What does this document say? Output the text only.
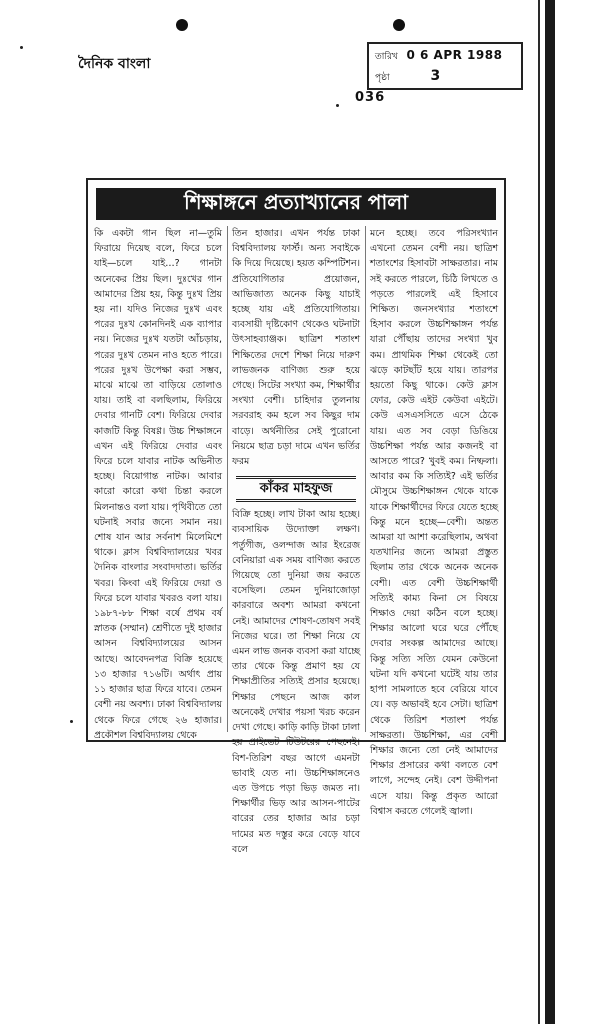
দৈনিক বাংলা	তারিখ 0 6 APR 1988
পৃষ্ঠা	3
036
শিক্ষাঙ্গনে প্রত্যাখ্যানের পালা

কি একটা গান ছিল না—তুমি ফিরায়ে দিয়েছ বলে, ফিরে চলে যাই—চলে যাই…? গানটা অনেকের প্রিয় ছিল। দুঃখের গান আমাদের প্রিয় হয়, কিন্তু দুঃখ প্রিয় হয় না। যদিও নিজের দুঃখ এবং পরের দুঃখ কোনদিনই এক ব্যাপার নয়। নিজের দুঃখ যতটা আঁচড়ায়, পরের দুঃখ তেমন নাও হতে পারে। পরের দুঃখ উপেক্ষা করা সম্ভব, মাঝে মাঝে তা বাড়িয়ে তোলাও যায়। তাই বা বলছিলাম, ফিরিয়ে দেবার গানটি বেশ। ফিরিয়ে দেবার কাজটি কিন্তু বিষণ্ণ। উচ্চ শিক্ষাঙ্গনে এখন এই ফিরিয়ে দেবার এবং ফিরে চলে যাবার নাটক অভিনীত হচ্ছে। বিয়োগান্ত নাটক। আবার কারো কারো কথা চিন্তা করলে মিলনান্তও বলা যায়। পৃথিবীতে তো ঘটনাই সবার জন্যে সমান নয়। শোষ যান আর সর্বনাশ মিলেমিশে থাকে। ক্লাস বিশ্ববিদ্যালয়ের খবর দৈনিক বাংলার সংবাদদাতা। ভর্তির খবর। কিংবা এই ফিরিয়ে দেয়া ও ফিরে চলে যাবার খবরও বলা যায়। ১৯৮৭-৮৮ শিক্ষা বর্ষে প্রথম বর্ষ স্নাতক (সম্মান) শ্রেণীতে দুই হাজার আসন বিশ্ববিদ্যালয়ের আসন আছে। আবেদনপত্র বিক্রি হয়েছে ১৩ হাজার ৭১৬টি। অর্থাৎ প্রায় ১১ হাজার ছাত্র ফিরে যাবে। তেমন বেশী নয় অবশ্য। ঢাকা বিশ্ববিদ্যালয় থেকে ফিরে গেছে ২৬ হাজার। প্রকৌশল বিশ্ববিদ্যালয় থেকে

তিন হাজার। এখন পর্যন্ত ঢাকা বিশ্ববিদ্যালয় ফার্স্ট। অন্য সবাইকে কি দিয়ে দিয়েছে। হয়ত কম্পিটিশন। প্রতিযোগিতার প্রয়োজন, আভিজাত্য অনেক কিছু যাচাই হচ্ছে যায় এই প্রতিযোগিতায়। ব্যবসায়ী দৃষ্টিকোণ থেকেও ঘটনাটা উৎসাহব্যাঞ্জক। ছাত্রিশ শতাংশ শিক্ষিতের দেশে শিক্ষা নিয়ে দারুণ লাভজনক বাণিজ্য শুরু হয়ে গেছে। সিটের সংখ্যা কম, শিক্ষার্থীর সংখ্যা বেশী। চাহিদার তুলনায় সরবরাহ কম হলে সব কিছুর দাম বাড়ে। অর্থনীতির সেই পুরোনো নিয়মে ছাত্র চড়া দামে এখন ভর্তির ফরম

কাঁকর মাহফুজ

বিক্রি হচ্ছে। লাখ টাকা আয় হচ্ছে। ব্যবসায়িক উদ্যোক্তা লক্ষণ। পর্তুগীজ, ওলন্দাজ আর ইংরেজ বেনিয়ারা এক সময় বাণিজ্য করতে গিয়েছে তো দুনিয়া জয় করতে বসেছিল। তেমন দুনিয়াজোড়া কারবারে অবশ্য আমরা কখনো নেই। আমাদের শোষণ-তোষণ সবই নিজের ঘরে। তা শিক্ষা নিয়ে যে এমন লাভ জনক ব্যবসা করা যাচ্ছে তার থেকে কিন্তু প্রমাণ হয় যে শিক্ষাপ্রীতির সত্যিই প্রসার হয়েছে। শিক্ষার পেছনে আজ কাল অনেকেই দেখার পয়সা খরচ করেন দেখা গেছে। কাড়ি কাড়ি টাকা ঢালা হয় প্রাইভেট টিউটরের পেছনেই। বিশ-তিরিশ বছর আগে এমনটা ভাবাই যেত না। উচ্চশিক্ষাঙ্গনেও এত উপচে পড়া ভিড় জমত না। শিক্ষার্থীর ভিড় আর আসন-পাটের বারের তের হাজার আর চড়া দামের মত দস্তুর করে বেড়ে যাবে বলে

মনে হচ্ছে। তবে পরিসংখ্যান এখনো তেমন বেশী নয়। ছাত্রিশ শতাংশের হিসাবটা সাক্ষরতার। নাম সই করতে পারলে, চিঠি লিখতে ও পড়তে পারলেই এই হিসাবে শিক্ষিত। জনসংখ্যার শতাংশে হিসাব করলে উচ্চশিক্ষাঙ্গন পর্যন্ত যারা পৌঁছায় তাদের সংখ্যা খুব কম। প্রাথমিক শিক্ষা থেকেই তো ঝড়ে কাটছাঁট হয়ে যায়। তারপর হয়তো কিছু থাকে। কেউ ক্লাস ফোর, কেউ এইট কেউবা এইটে। কেউ এসএসসিতে এসে ঠেকে যায়। এত সব বেড়া ডিঙিয়ে উচ্চশিক্ষা পর্যন্ত আর কজনই বা আসতে পারে? খুবই কম। নিষ্ফলা। আবার কম কি সত্যিই? এই ভর্তির মৌসুমে উচ্চশিক্ষাঙ্গন থেকে যাকে যাকে শিক্ষার্থীদের ফিরে যেতে হচ্ছে কিন্তু মনে হচ্ছে—বেশী। অন্তত আমরা যা আশা করেছিলাম, অথবা যতখানির জন্যে আমরা প্রস্তুত ছিলাম তার থেকে অনেক অনেক বেশী। এত বেশী উচ্চশিক্ষার্থী সত্যিই কাম্য কিনা সে বিষয়ে শিক্ষাও দেয়া কঠিন বলে হচ্ছে। শিক্ষার আলো ঘরে ঘরে পৌঁছে দেবার সংকল্প আমাদের আছে। কিন্তু সত্যি সত্যি যেমন কেউনো ঘটনা যদি কখনো ঘটেই যায় তার হাপা সামলাতে হবে বেরিয়ে যাবে যে। বড় অভাবই হবে সেটা। ছাত্রিশ থেকে তিরিশ শতাংশ পর্যন্ত সাক্ষরতা। উচ্চশিক্ষা, এর বেশী শিক্ষার জন্যে তো নেই আমাদের শিক্ষার প্রসারের কথা বলতে বেশ লাগে, সন্দেহ নেই। বেশ উদ্দীপনা এসে যায়। কিন্তু প্রকৃত আরো বিশ্বাস করতে গেলেই জ্বালা।
